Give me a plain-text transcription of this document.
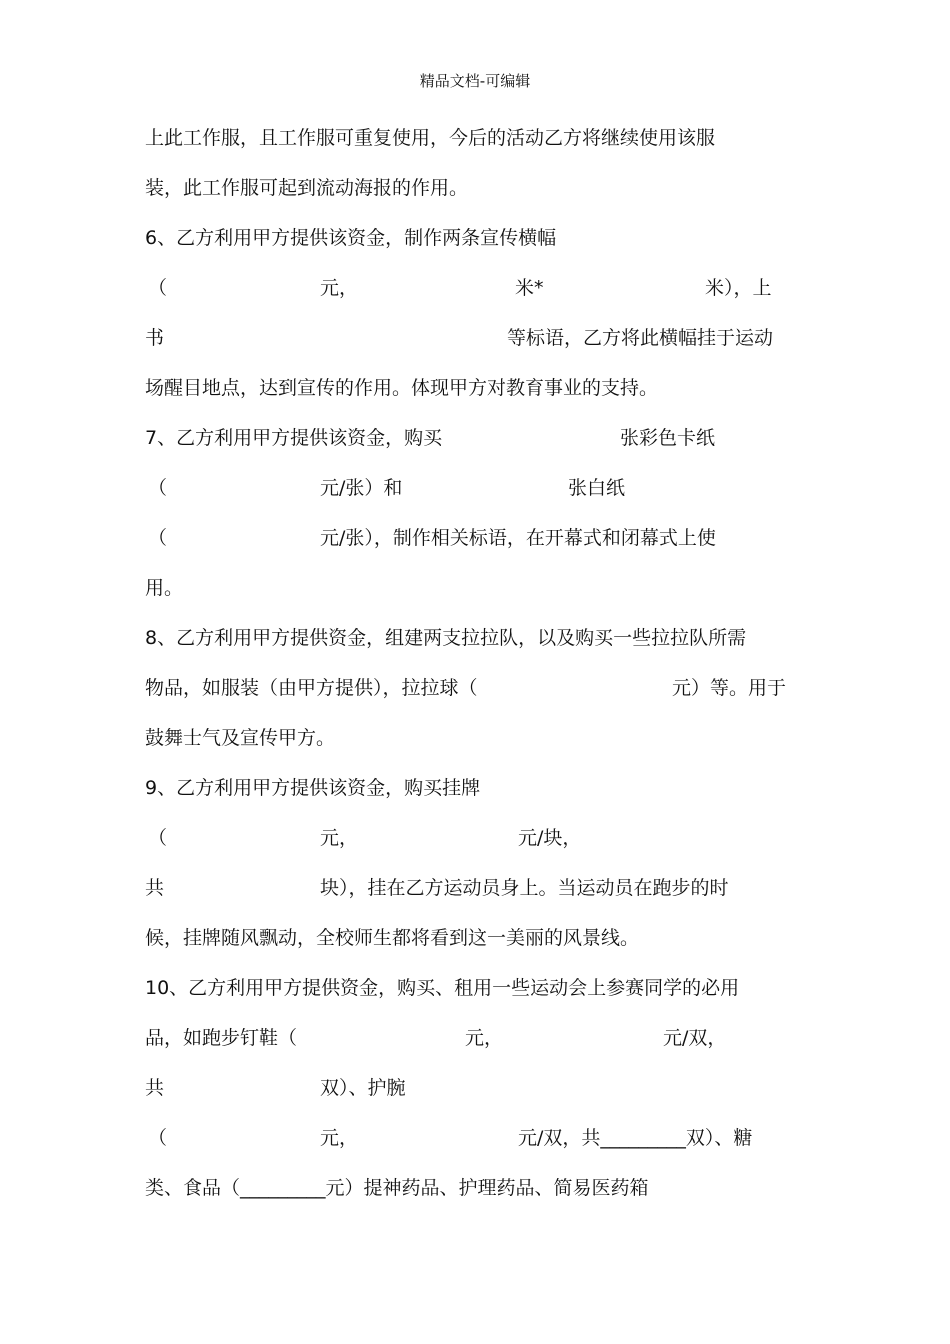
精品文档-可编辑
上此工作服，且工作服可重复使用，今后的活动乙方将继续使用该服
装，此工作服可起到流动海报的作用。
6、乙方利用甲方提供该资金，制作两条宣传横幅
（	元，	米*	米），上
书	等标语，乙方将此横幅挂于运动
场醒目地点，达到宣传的作用。体现甲方对教育事业的支持。
7、乙方利用甲方提供该资金，购买	张彩色卡纸
（	元/张）和	张白纸
（	元/张），制作相关标语，在开幕式和闭幕式上使
用。
8、乙方利用甲方提供资金，组建两支拉拉队，以及购买一些拉拉队所需
物品，如服装（由甲方提供），拉拉球（	元）等。用于
鼓舞士气及宣传甲方。
9、乙方利用甲方提供该资金，购买挂牌
（	元，	元/块，
共	块），挂在乙方运动员身上。当运动员在跑步的时
候，挂牌随风飘动，全校师生都将看到这一美丽的风景线。
10、乙方利用甲方提供资金，购买、租用一些运动会上参赛同学的必用
品，如跑步钉鞋（	元，	元/双，
共	双）、护腕
（	元，	元/双，共_________双）、糖
类、食品（_________元）提神药品、护理药品、简易医药箱
